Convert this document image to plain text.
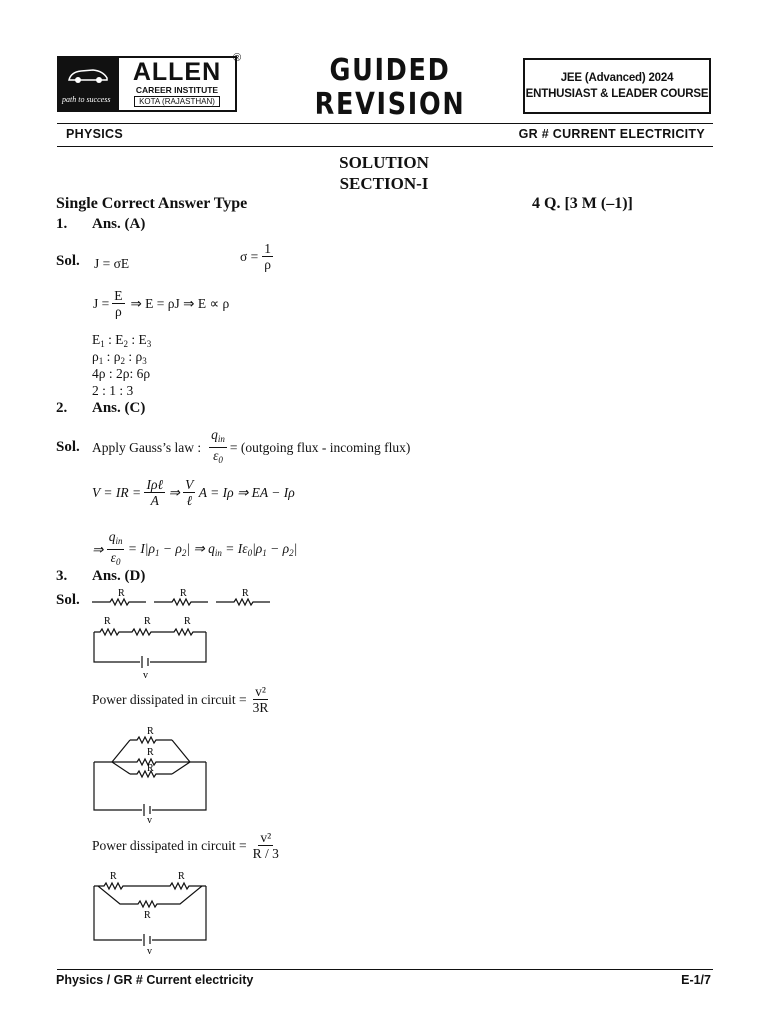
path to success
ALLEN
CAREER INSTITUTE
KOTA (RAJASTHAN)
®	GUIDED
REVISION
JEE (Advanced) 2024
ENTHUSIAST & LEADER COURSE
PHYSICS	GR # CURRENT ELECTRICITY
SOLUTION
SECTION-I
Single Correct Answer Type	4 Q. [3 M (–1)]
1. Ans. (A)
Sol. J = σE	$\sigma = \frac{1}{\rho}$
$J = \frac{E}{\rho}$ ⇒ E = ρJ ⇒ E ∝ ρ
$E_1$ : $E_2$ : $E_3$
$\rho_1$ : $\rho_2$ : $\rho_3$
4ρ : 2ρ: 6ρ
2 : 1 : 3
2. Ans. (C)
Sol. Apply Gauss’s law : $\frac{q_{in}}{\varepsilon_0}$ = (outgoing flux - incoming flux)
V = IR = $\frac{\text{Iρℓ}}{A}$ ⇒ $\frac{V}{\text{ℓ}}$ A = Iρ ⇒ EA − Iρ
⇒ $\frac{q_{in}}{\varepsilon_0} = I|\rho_1 - \rho_2|$ ⇒ $q_{in} = I\varepsilon_0|\rho_1 - \rho_2|$
3. Ans. (D)
Sol.	R	R	R
R	R	R
v
Power dissipated in circuit = $\frac{\text{v²}}{3R}$
R
R
R
v
Power dissipated in circuit = $\frac{\text{v²}}{R / 3}$
R	R
R
v
Physics / GR # Current electricity	E-1/7
